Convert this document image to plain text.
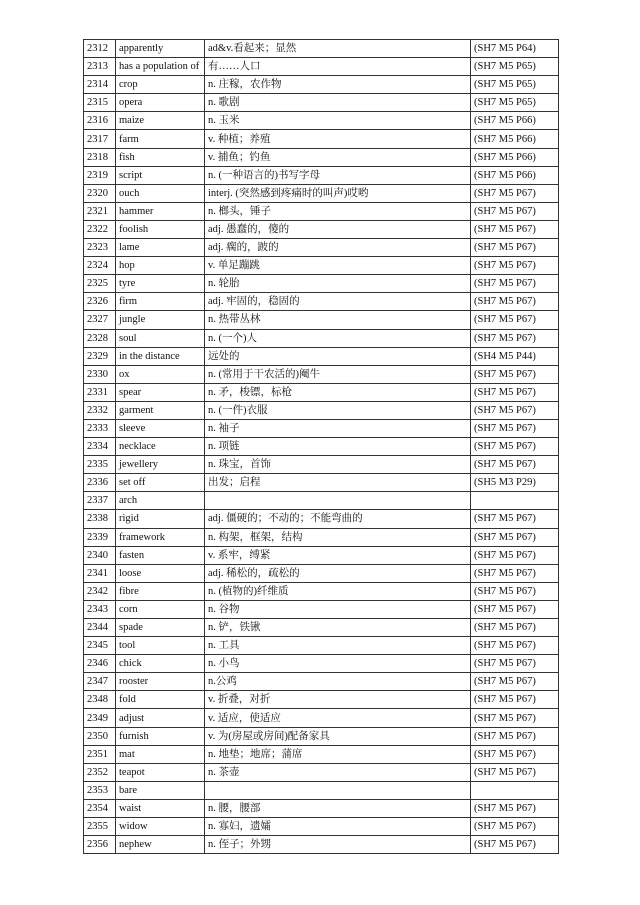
2312	apparently	ad&v.看起来；显然	(SH7 M5 P64)
2313	has a population of	有……人口	(SH7 M5 P65)
2314	crop	n. 庄稼，农作物	(SH7 M5 P65)
2315	opera	n. 歌剧	(SH7 M5 P65)
2316	maize	n. 玉米	(SH7 M5 P66)
2317	farm	v. 种植；养殖	(SH7 M5 P66)
2318	fish	v. 捕鱼；钓鱼	(SH7 M5 P66)
2319	script	n. (一种语言的)书写字母	(SH7 M5 P66)
2320	ouch	interj. (突然感到疼痛时的叫声)哎哟	(SH7 M5 P67)
2321	hammer	n. 榔头，锤子	(SH7 M5 P67)
2322	foolish	adj. 愚蠢的，傻的	(SH7 M5 P67)
2323	lame	adj. 瘸的，跛的	(SH7 M5 P67)
2324	hop	v. 单足蹦跳	(SH7 M5 P67)
2325	tyre	n. 轮胎	(SH7 M5 P67)
2326	firm	adj. 牢固的，稳固的	(SH7 M5 P67)
2327	jungle	n. 热带丛林	(SH7 M5 P67)
2328	soul	n. (一个)人	(SH7 M5 P67)
2329	in the distance	远处的	(SH4 M5 P44)
2330	ox	n. (常用于干农活的)阉牛	(SH7 M5 P67)
2331	spear	n. 矛，梭镖，标枪	(SH7 M5 P67)
2332	garment	n. (一件)衣服	(SH7 M5 P67)
2333	sleeve	n. 袖子	(SH7 M5 P67)
2334	necklace	n. 项链	(SH7 M5 P67)
2335	jewellery	n. 珠宝，首饰	(SH7 M5 P67)
2336	set off	出发；启程	(SH5 M3 P29)
2337	arch		
2338	rigid	adj. 僵硬的；不动的；不能弯曲的	(SH7 M5 P67)
2339	framework	n. 构架，框架，结构	(SH7 M5 P67)
2340	fasten	v. 系牢，缚紧	(SH7 M5 P67)
2341	loose	adj. 稀松的，疏松的	(SH7 M5 P67)
2342	fibre	n. (植物的)纤维质	(SH7 M5 P67)
2343	corn	n. 谷物	(SH7 M5 P67)
2344	spade	n. 铲，铁锹	(SH7 M5 P67)
2345	tool	n. 工具	(SH7 M5 P67)
2346	chick	n. 小鸟	(SH7 M5 P67)
2347	rooster	n.公鸡	(SH7 M5 P67)
2348	fold	v. 折叠，对折	(SH7 M5 P67)
2349	adjust	v. 适应，使适应	(SH7 M5 P67)
2350	furnish	v. 为(房屋或房间)配备家具	(SH7 M5 P67)
2351	mat	n. 地垫；地席；蒲席	(SH7 M5 P67)
2352	teapot	n. 茶壶	(SH7 M5 P67)
2353	bare		
2354	waist	n. 腰，腰部	(SH7 M5 P67)
2355	widow	n. 寡妇，遗孀	(SH7 M5 P67)
2356	nephew	n. 侄子；外甥	(SH7 M5 P67)
